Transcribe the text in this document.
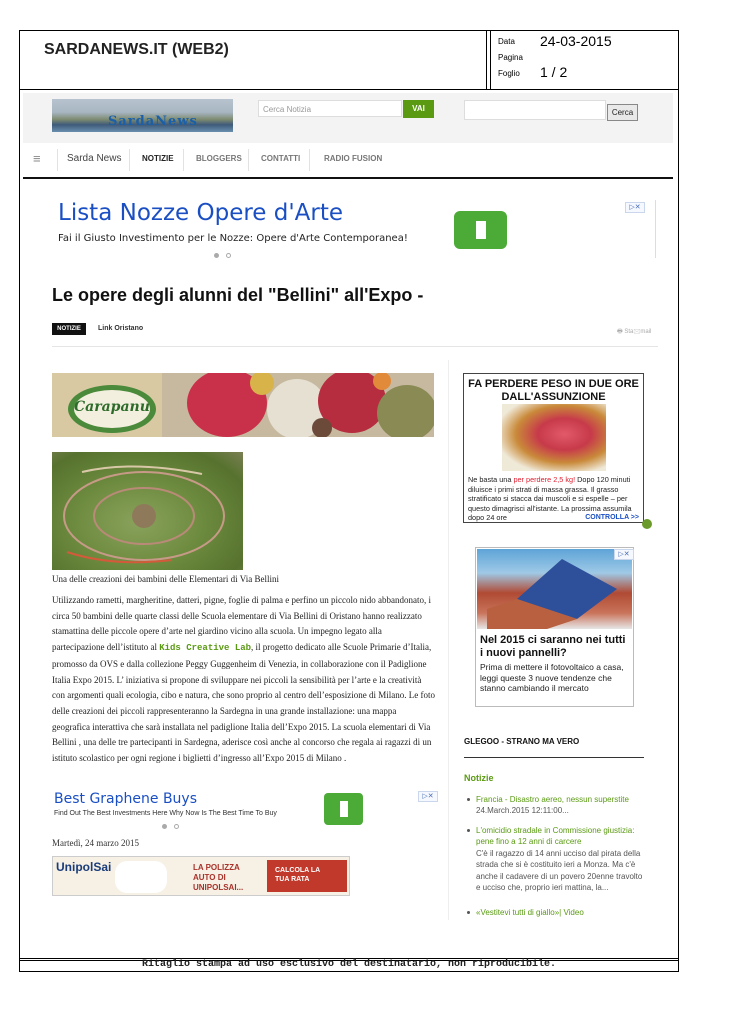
SARDANEWS.IT (WEB2)	Data 24-03-2015
Pagina
Foglio 1 / 2
SardaNews
Cerca Notizia	VAI	Cerca
≡	Sarda News	NOTIZIE	BLOGGERS CONTATTI	RADIO FUSION
Lista Nozze Opere d'Arte
Fai il Giusto Investimento per le Nozze: Opere d'Arte Contemporanea!
▷✕
Le opere degli alunni del "Bellini" all'Expo -
NOTIZIE	Link Oristano	🖶 Sta🖂mail
Carapanu
Una delle creazioni dei bambini delle Elementari di Via Bellini
Utilizzando rametti, margheritine, datteri, pigne, foglie di palma e perfino un piccolo nido abbandonato, i circa 50 bambini delle quarte classi delle Scuola elementare di Via Bellini di Oristano hanno realizzato stamattina delle piccole opere d’arte nel giardino vicino alla scuola. Un impegno legato alla partecipazione dell’istituto al Kids Creative Lab, il progetto dedicato alle Scuole Primarie d’Italia, promosso da OVS e dalla collezione Peggy Guggenheim di Venezia, in collaborazione con il Padiglione Italia Expo 2015. L’ iniziativa si propone di sviluppare nei piccoli la sensibilità per l’arte e la creatività con argomenti quali ecologia, cibo e natura, che sono proprio al centro dell’esposizione di Milano. Le foto delle creazioni dei piccoli rappresenteranno la Sardegna in una grande installazione: una mappa geografica interattiva che sarà installata nel padiglione Italia dell’Expo 2015. La scuola elementari di Via Bellini , una delle tre partecipanti in Sardegna, aderisce così anche al concorso che regala ai ragazzi di un istituto scolastico per ogni regione i biglietti d’ingresso all’Expo 2015 di Milano .
Best Graphene Buys
Find Out The Best Investments Here Why Now Is The Best Time To Buy
▷✕
Martedì, 24 marzo 2015
UnipolSai	LA POLIZZA AUTO DI UNIPOLSAI...
CALCOLA LA TUA RATA
FA PERDERE PESO IN DUE ORE DALL'ASSUNZIONE
Ne basta una per perdere 2,5 kg! Dopo 120 minuti diluisce i primi strati di massa grassa. Il grasso stratificato si stacca dai muscoli e si espelle – per questo dimagrisci all'istante. La prossima assumila dopo 24 ore	CONTROLLA >>
Nel 2015 ci saranno nei tutti i nuovi pannelli?
Prima di mettere il fotovoltaico a casa, leggi queste 3 nuove tendenze che stanno cambiando il mercato
▷✕
GLEGOO - STRANO MA VERO
Notizie
Francia - Disastro aereo, nessun superstite
24.March.2015 12:11:00...
L'omicidio stradale in Commissione giustizia: pene fino a 12 anni di carcere
C'è il ragazzo di 14 anni ucciso dal pirata della strada che si è costituito ieri a Monza. Ma c'è anche il cadavere di un povero 20enne travolto e ucciso che, proprio ieri mattina, la...
«Vestitevi tutti di giallo»| Video
Ritaglio stampa ad uso esclusivo del destinatario, non riproducibile.
